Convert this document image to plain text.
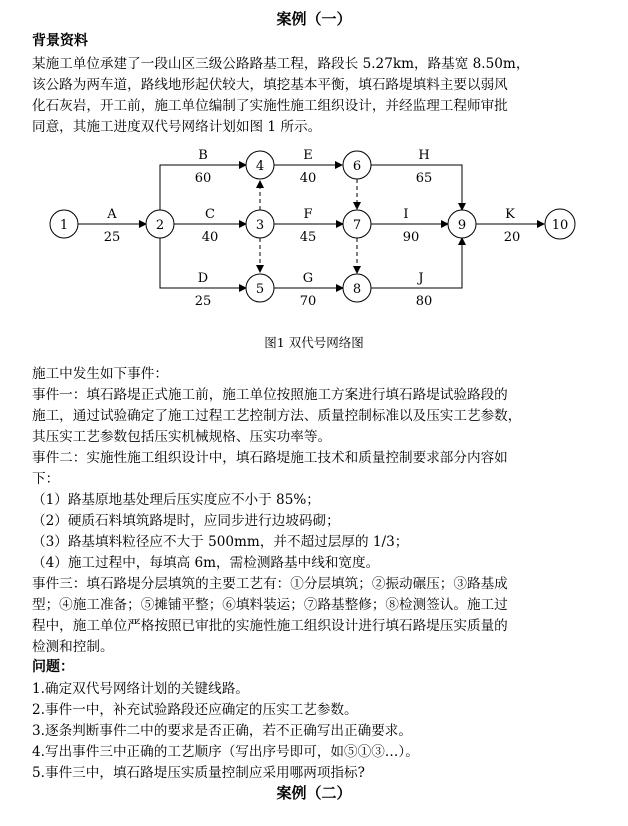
案例（一）
背景资料
某施工单位承建了一段山区三级公路路基工程，路段长 5.27km，路基宽 8.50m，
该公路为两车道，路线地形起伏较大，填挖基本平衡，填石路堤填料主要以弱风
化石灰岩，开工前，施工单位编制了实施性施工组织设计，并经监理工程师审批
同意，其施工进度双代号网络计划如图 1 所示。
1	2
4
3
5
6
7
8
9	10
A
25
B
60
C
40
D
25
E
40
F
45
G
70
H
65
I
90
J
80
K
20
图1 双代号网络图
施工中发生如下事件：
事件一：填石路堤正式施工前，施工单位按照施工方案进行填石路堤试验路段的
施工，通过试验确定了施工过程工艺控制方法、质量控制标准以及压实工艺参数，
其压实工艺参数包括压实机械规格、压实功率等。
事件二：实施性施工组织设计中，填石路堤施工技术和质量控制要求部分内容如
下：
（1）路基原地基处理后压实度应不小于 85%；
（2）硬质石料填筑路堤时，应同步进行边坡码砌；
（3）路基填料粒径应不大于 500mm，并不超过层厚的 1/3；
（4）施工过程中，每填高 6m，需检测路基中线和宽度。
事件三：填石路堤分层填筑的主要工艺有：①分层填筑；②振动碾压；③路基成
型；④施工准备；⑤摊铺平整；⑥填料装运；⑦路基整修；⑧检测签认。施工过
程中，施工单位严格按照已审批的实施性施工组织设计进行填石路堤压实质量的
检测和控制。
问题：
1.确定双代号网络计划的关键线路。
2.事件一中，补充试验路段还应确定的压实工艺参数。
3.逐条判断事件二中的要求是否正确，若不正确写出正确要求。
4.写出事件三中正确的工艺顺序（写出序号即可，如⑤①③…）。
5.事件三中，填石路堤压实质量控制应采用哪两项指标?
案例（二）
